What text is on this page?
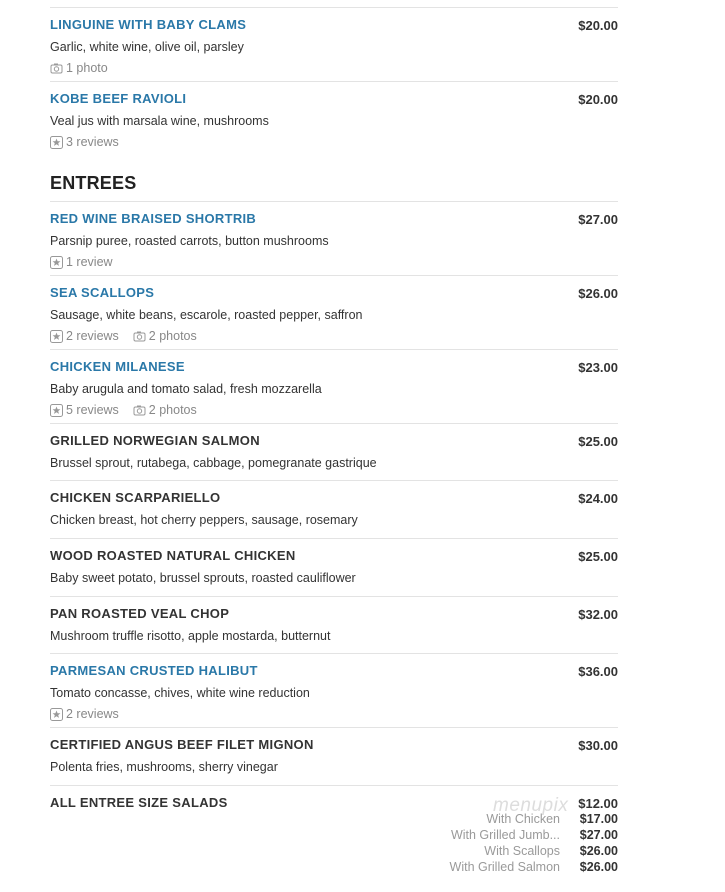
LINGUINE WITH BABY CLAMS	$20.00
Garlic, white wine, olive oil, parsley
1 photo
KOBE BEEF RAVIOLI	$20.00
Veal jus with marsala wine, mushrooms
3 reviews
ENTREES
RED WINE BRAISED SHORTRIB	$27.00
Parsnip puree, roasted carrots, button mushrooms
1 review
SEA SCALLOPS	$26.00
Sausage, white beans, escarole, roasted pepper, saffron
2 reviews 2 photos
CHICKEN MILANESE	$23.00
Baby arugula and tomato salad, fresh mozzarella
5 reviews 2 photos
GRILLED NORWEGIAN SALMON	$25.00
Brussel sprout, rutabega, cabbage, pomegranate gastrique
CHICKEN SCARPARIELLO	$24.00
Chicken breast, hot cherry peppers, sausage, rosemary
WOOD ROASTED NATURAL CHICKEN	$25.00
Baby sweet potato, brussel sprouts, roasted cauliflower
PAN ROASTED VEAL CHOP	$32.00
Mushroom truffle risotto, apple mostarda, butternut
PARMESAN CRUSTED HALIBUT	$36.00
Tomato concasse, chives, white wine reduction
2 reviews
CERTIFIED ANGUS BEEF FILET MIGNON	$30.00
Polenta fries, mushrooms, sherry vinegar
ALL ENTREE SIZE SALADS	$12.00
With Chicken $17.00
With Grilled Jumb... $27.00
With Scallops $26.00
With Grilled Salmon $26.00
menupix
